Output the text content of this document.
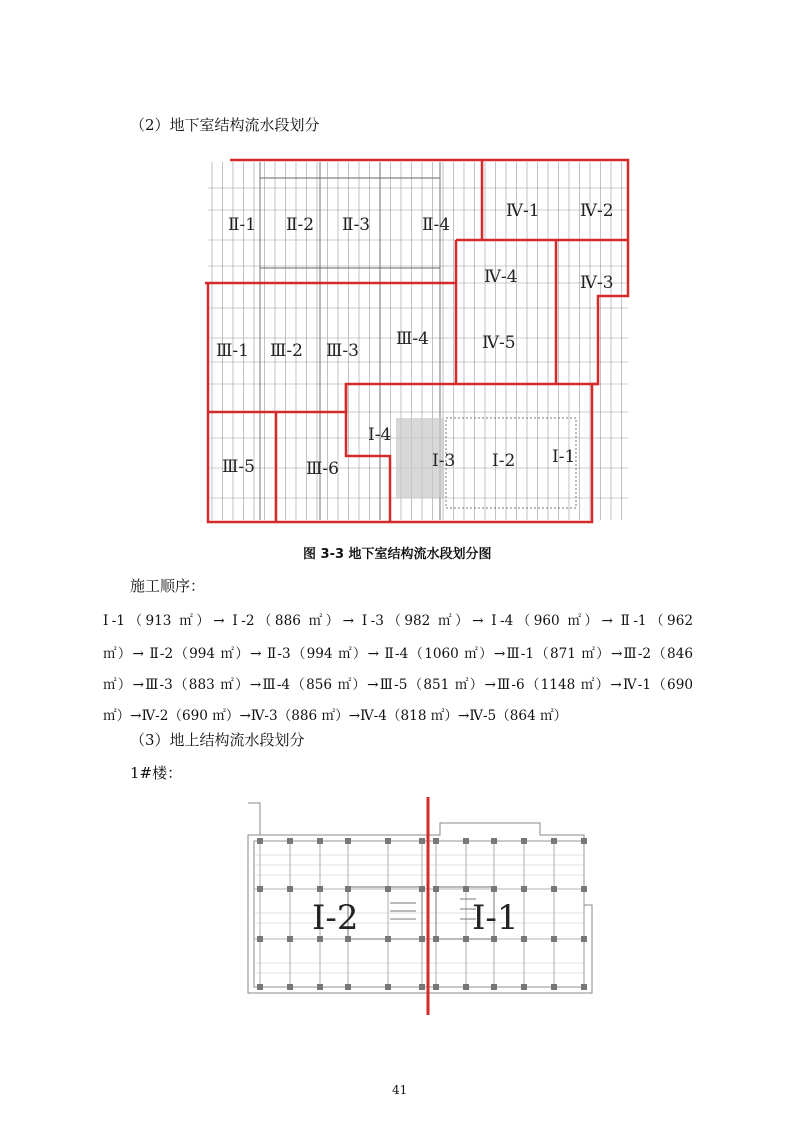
（2）地下室结构流水段划分
Ⅱ-1 Ⅱ-2 Ⅱ-3	Ⅱ-4
Ⅳ-1 Ⅳ-2
Ⅳ-4	Ⅳ-3
Ⅲ-1 Ⅲ-2 Ⅲ-3
Ⅲ-4	Ⅳ-5
Ⅰ-4
Ⅰ-3 Ⅰ-2 Ⅰ-1
Ⅲ-5	Ⅲ-6
图 3-3 地下室结构流水段划分图
施工顺序：
Ⅰ-1（913 ㎡）→ Ⅰ-2（886 ㎡）→ Ⅰ-3（982 ㎡）→ Ⅰ-4（960 ㎡）→ Ⅱ-1（962
㎡）→ Ⅱ-2（994 ㎡）→ Ⅱ-3（994 ㎡）→ Ⅱ-4（1060 ㎡）→Ⅲ-1（871 ㎡）→Ⅲ-2（846
㎡）→Ⅲ-3（883 ㎡）→Ⅲ-4（856 ㎡）→Ⅲ-5（851 ㎡）→Ⅲ-6（1148 ㎡）→Ⅳ-1（690
㎡）→Ⅳ-2（690 ㎡）→Ⅳ-3（886 ㎡）→Ⅳ-4（818 ㎡）→Ⅳ-5（864 ㎡）
（3）地上结构流水段划分
1#楼：
Ⅰ-2	Ⅰ-1
41
